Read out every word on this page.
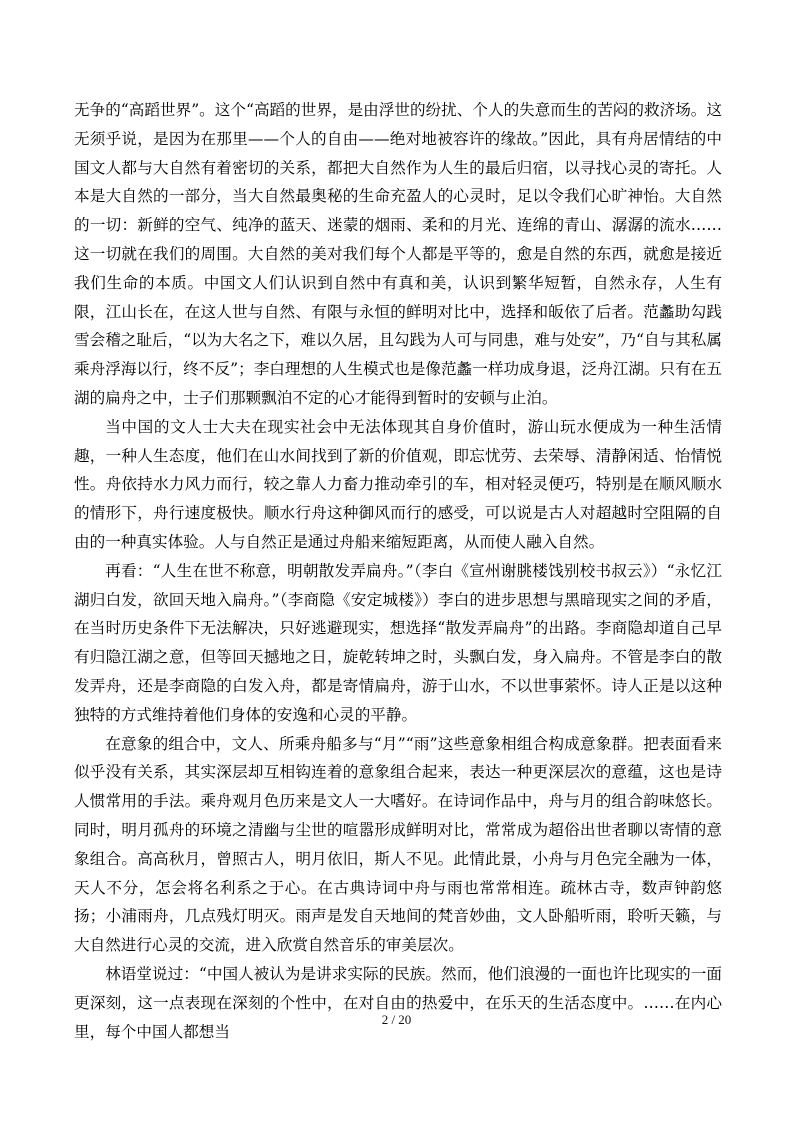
无争的“高蹈世界”。这个“高蹈的世界，是由浮世的纷扰、个人的失意而生的苦闷的救济场。这无须乎说，是因为在那里——个人的自由——绝对地被容许的缘故。”因此，具有舟居情结的中国文人都与大自然有着密切的关系，都把大自然作为人生的最后归宿，以寻找心灵的寄托。人本是大自然的一部分，当大自然最奥秘的生命充盈人的心灵时，足以令我们心旷神怡。大自然的一切：新鲜的空气、纯净的蓝天、迷蒙的烟雨、柔和的月光、连绵的青山、潺潺的流水……这一切就在我们的周围。大自然的美对我们每个人都是平等的，愈是自然的东西，就愈是接近我们生命的本质。中国文人们认识到自然中有真和美，认识到繁华短暂，自然永存，人生有限，江山长在，在这人世与自然、有限与永恒的鲜明对比中，选择和皈依了后者。范蠡助勾践雪会稽之耻后，“以为大名之下，难以久居，且勾践为人可与同患，难与处安”，乃“自与其私属乘舟浮海以行，终不反”；李白理想的人生模式也是像范蠡一样功成身退，泛舟江湖。只有在五湖的扁舟之中，士子们那颗飘泊不定的心才能得到暂时的安顿与止泊。

当中国的文人士大夫在现实社会中无法体现其自身价值时，游山玩水便成为一种生活情趣，一种人生态度，他们在山水间找到了新的价值观，即忘忧劳、去荣辱、清静闲适、怡情悦性。舟依持水力风力而行，较之靠人力畜力推动牵引的车，相对轻灵便巧，特别是在顺风顺水的情形下，舟行速度极快。顺水行舟这种御风而行的感受，可以说是古人对超越时空阻隔的自由的一种真实体验。人与自然正是通过舟船来缩短距离，从而使人融入自然。

再看：“人生在世不称意，明朝散发弄扁舟。”（李白《宣州谢朓楼饯别校书叔云》）“永忆江湖归白发，欲回天地入扁舟。”（李商隐《安定城楼》）李白的进步思想与黑暗现实之间的矛盾，在当时历史条件下无法解决，只好逃避现实，想选择“散发弄扁舟”的出路。李商隐却道自己早有归隐江湖之意，但等回天撼地之日，旋乾转坤之时，头飘白发，身入扁舟。不管是李白的散发弄舟，还是李商隐的白发入舟，都是寄情扁舟，游于山水，不以世事萦怀。诗人正是以这种独特的方式维持着他们身体的安逸和心灵的平静。

在意象的组合中，文人、所乘舟船多与“月”“雨”这些意象相组合构成意象群。把表面看来似乎没有关系，其实深层却互相钩连着的意象组合起来，表达一种更深层次的意蕴，这也是诗人惯常用的手法。乘舟观月色历来是文人一大嗜好。在诗词作品中，舟与月的组合韵味悠长。同时，明月孤舟的环境之清幽与尘世的喧嚣形成鲜明对比，常常成为超俗出世者聊以寄情的意象组合。高高秋月，曾照古人，明月依旧，斯人不见。此情此景，小舟与月色完全融为一体，天人不分，怎会将名利系之于心。在古典诗词中舟与雨也常常相连。疏林古寺，数声钟韵悠扬；小浦雨舟，几点残灯明灭。雨声是发自天地间的梵音妙曲，文人卧船听雨，聆听天籁，与大自然进行心灵的交流，进入欣赏自然音乐的审美层次。

林语堂说过：“中国人被认为是讲求实际的民族。然而，他们浪漫的一面也许比现实的一面更深刻，这一点表现在深刻的个性中，在对自由的热爱中，在乐天的生活态度中。……在内心里，每个中国人都想当

2 / 20
